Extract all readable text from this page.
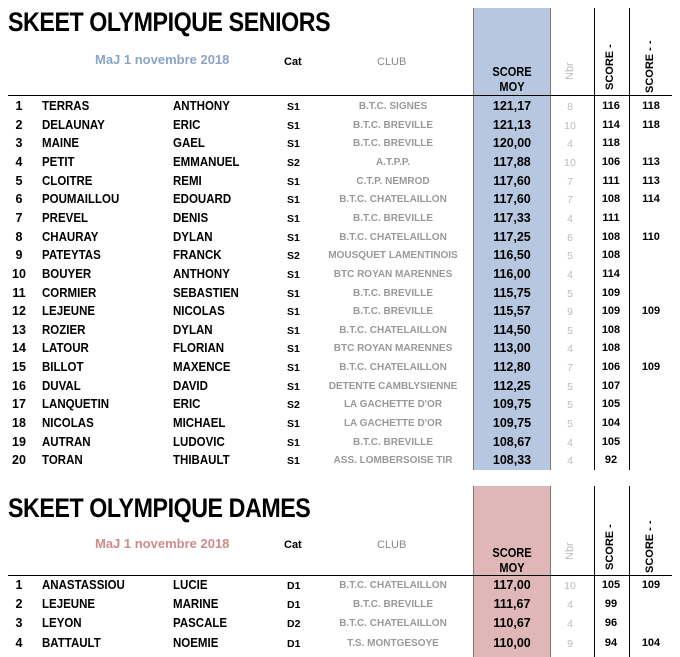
SKEET OLYMPIQUE SENIORS
MaJ 1 novembre 2018	Cat	CLUB
SCORE MOY
Nbr	SCORE -	SCORE - -
1	TERRAS	ANTHONY	S1	B.T.C. SIGNES	121,17	8	116	118
2	DELAUNAY	ERIC	S1	B.T.C. BREVILLE	121,13	10	114	118
3	MAINE	GAEL	S1	B.T.C. BREVILLE	120,00	4	118
4	PETIT	EMMANUEL	S2	A.T.P.P.	117,88	10	106	113
5	CLOITRE	REMI	S1	C.T.P. NEMROD	117,60	7	111	113
6	POUMAILLOU	EDOUARD	S1	B.T.C. CHATELAILLON	117,60	7	108	114
7	PREVEL	DENIS	S1	B.T.C. BREVILLE	117,33	4	111
8	CHAURAY	DYLAN	S1	B.T.C. CHATELAILLON	117,25	6	108	110
9	PATEYTAS	FRANCK	S2	MOUSQUET LAMENTINOIS	116,50	5	108
10	BOUYER	ANTHONY	S1	BTC ROYAN MARENNES	116,00	4	114
11	CORMIER	SEBASTIEN	S1	B.T.C. BREVILLE	115,75	5	109
12	LEJEUNE	NICOLAS	S1	B.T.C. BREVILLE	115,57	9	109	109
13	ROZIER	DYLAN	S1	B.T.C. CHATELAILLON	114,50	5	108
14	LATOUR	FLORIAN	S1	BTC ROYAN MARENNES	113,00	4	108
15	BILLOT	MAXENCE	S1	B.T.C. CHATELAILLON	112,80	7	106	109
16	DUVAL	DAVID	S1	DETENTE CAMBLYSIENNE	112,25	5	107
17	LANQUETIN	ERIC	S2	LA GACHETTE D'OR	109,75	5	105
18	NICOLAS	MICHAEL	S1	LA GACHETTE D'OR	109,75	5	104
19	AUTRAN	LUDOVIC	S1	B.T.C. BREVILLE	108,67	4	105
20	TORAN	THIBAULT	S1	ASS. LOMBERSOISE TIR	108,33	4	92
SKEET OLYMPIQUE DAMES
MaJ 1 novembre 2018	Cat	CLUB	SCORE MOY
Nbr	SCORE -	SCORE - -
1	ANASTASSIOU	LUCIE	D1	B.T.C. CHATELAILLON	117,00	10	105	109
2	LEJEUNE	MARINE	D1	B.T.C. BREVILLE	111,67	4	99
3	LEYON	PASCALE	D2	B.T.C. CHATELAILLON	110,67	4	96
4	BATTAULT	NOEMIE	D1	T.S. MONTGESOYE	110,00	9	94	104
